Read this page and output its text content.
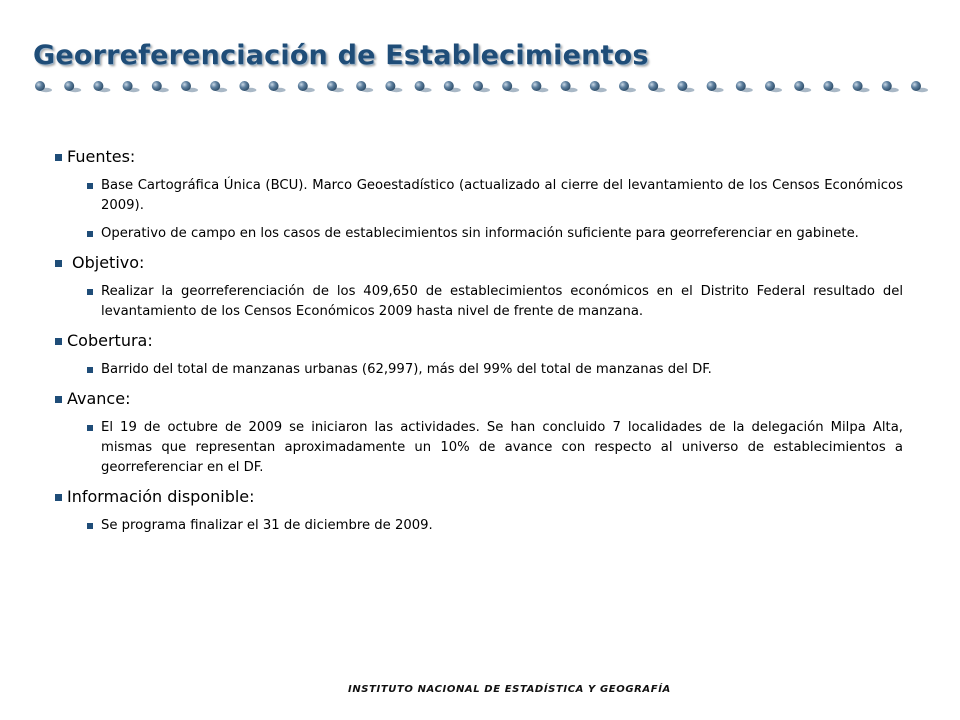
Georreferenciación de Establecimientos
Fuentes:
Base Cartográfica Única (BCU). Marco Geoestadístico (actualizado al cierre del levantamiento de los Censos Económicos 2009).
Operativo de campo en los casos de establecimientos sin información suficiente para georreferenciar en gabinete.
Objetivo:
Realizar la georreferenciación de los 409,650 de establecimientos económicos en el Distrito Federal resultado del levantamiento de los Censos Económicos 2009 hasta nivel de frente de manzana.
Cobertura:
Barrido del total de manzanas urbanas (62,997), más del 99% del total de manzanas del DF.
Avance:
El 19 de octubre de 2009 se iniciaron las actividades. Se han concluido 7 localidades de la delegación Milpa Alta, mismas que representan aproximadamente un 10% de avance con respecto al universo de establecimientos a georreferenciar en el DF.
Información disponible:
Se programa finalizar el 31 de diciembre de 2009.
INSTITUTO NACIONAL DE ESTADÍSTICA Y GEOGRAFÍA
